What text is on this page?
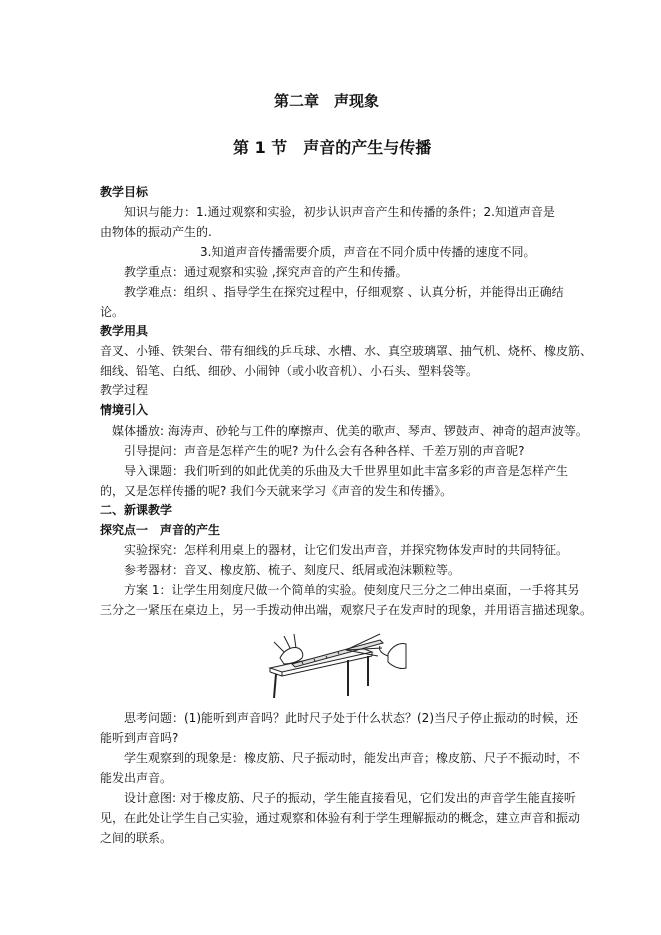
第二章　声现象
第 1 节　声音的产生与传播
教学目标
知识与能力：1.通过观察和实验，初步认识声音产生和传播的条件；2.知道声音是
由物体的振动产生的.
3.知道声音传播需要介质，声音在不同介质中传播的速度不同。
教学重点：通过观察和实验 ,探究声音的产生和传播。
教学难点：组织 、指导学生在探究过程中，仔细观察 、认真分析，并能得出正确结
论。
教学用具
音叉、小锤、铁架台、带有细线的乒乓球、水槽、水、真空玻璃罩、抽气机、烧杯、橡皮筋、
细线、铅笔、白纸、细砂、小闹钟（或小收音机）、小石头、塑料袋等。
教学过程
情境引入
媒体播放: 海涛声、砂轮与工件的摩擦声、优美的歌声、琴声、锣鼓声、神奇的超声波等。
引导提问：声音是怎样产生的呢? 为什么会有各种各样、千差万别的声音呢?
导入课题：我们听到的如此优美的乐曲及大千世界里如此丰富多彩的声音是怎样产生
的，又是怎样传播的呢? 我们今天就来学习《声音的发生和传播》。
二、新课教学
探究点一　声音的产生
实验探究：怎样利用桌上的器材，让它们发出声音，并探究物体发声时的共同特征。
参考器材：音叉、橡皮筋、梳子、刻度尺、纸屑或泡沫颗粒等。
方案 1：让学生用刻度尺做一个简单的实验。使刻度尺三分之二伸出桌面，一手将其另
三分之一紧压在桌边上，另一手拨动伸出端，观察尺子在发声时的现象，并用语言描述现象。
思考问题：(1)能听到声音吗？此时尺子处于什么状态？(2)当尺子停止振动的时候，还
能听到声音吗?
学生观察到的现象是：橡皮筋、尺子振动时，能发出声音；橡皮筋、尺子不振动时，不
能发出声音。
设计意图: 对于橡皮筋、尺子的振动，学生能直接看见，它们发出的声音学生能直接听
见，在此处让学生自己实验，通过观察和体验有利于学生理解振动的概念，建立声音和振动
之间的联系。
